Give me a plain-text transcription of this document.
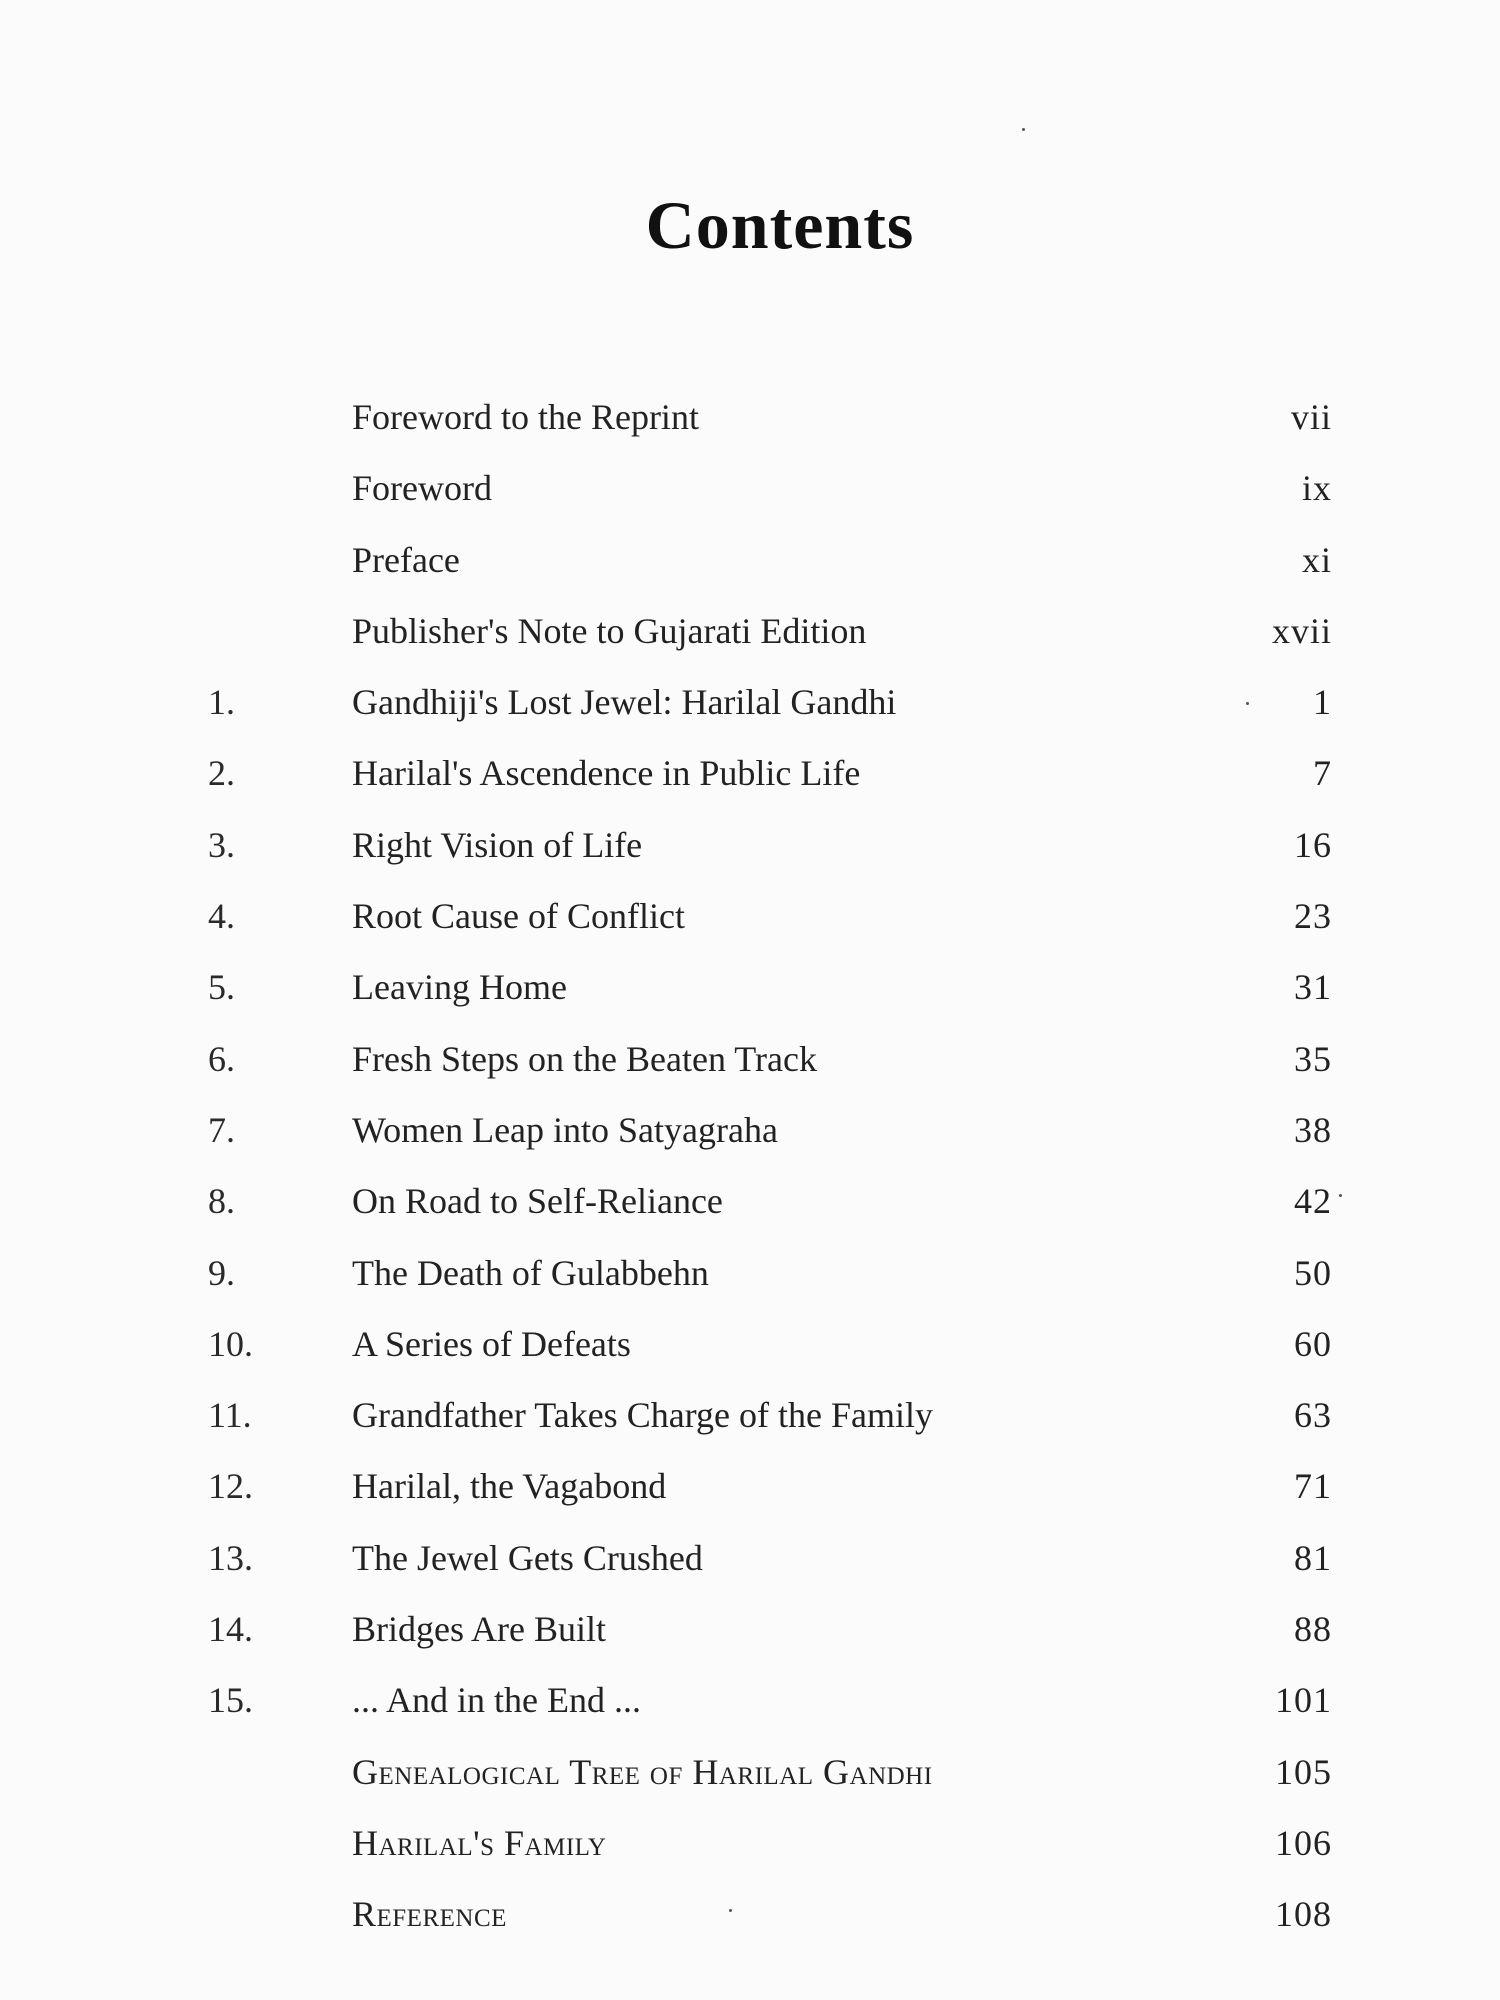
Contents
Foreword to the Reprint	vii
Foreword	ix
Preface	xi
Publisher's Note to Gujarati Edition	xvii
1.	Gandhiji's Lost Jewel: Harilal Gandhi	1
2.	Harilal's Ascendence in Public Life	7
3.	Right Vision of Life	16
4.	Root Cause of Conflict	23
5.	Leaving Home	31
6.	Fresh Steps on the Beaten Track	35
7.	Women Leap into Satyagraha	38
8.	On Road to Self-Reliance	42
9.	The Death of Gulabbehn	50
10.	A Series of Defeats	60
11.	Grandfather Takes Charge of the Family	63
12.	Harilal, the Vagabond	71
13.	The Jewel Gets Crushed	81
14.	Bridges Are Built	88
15.	... And in the End ...	101
Genealogical Tree of Harilal Gandhi	105
Harilal's Family	106
Reference	108
